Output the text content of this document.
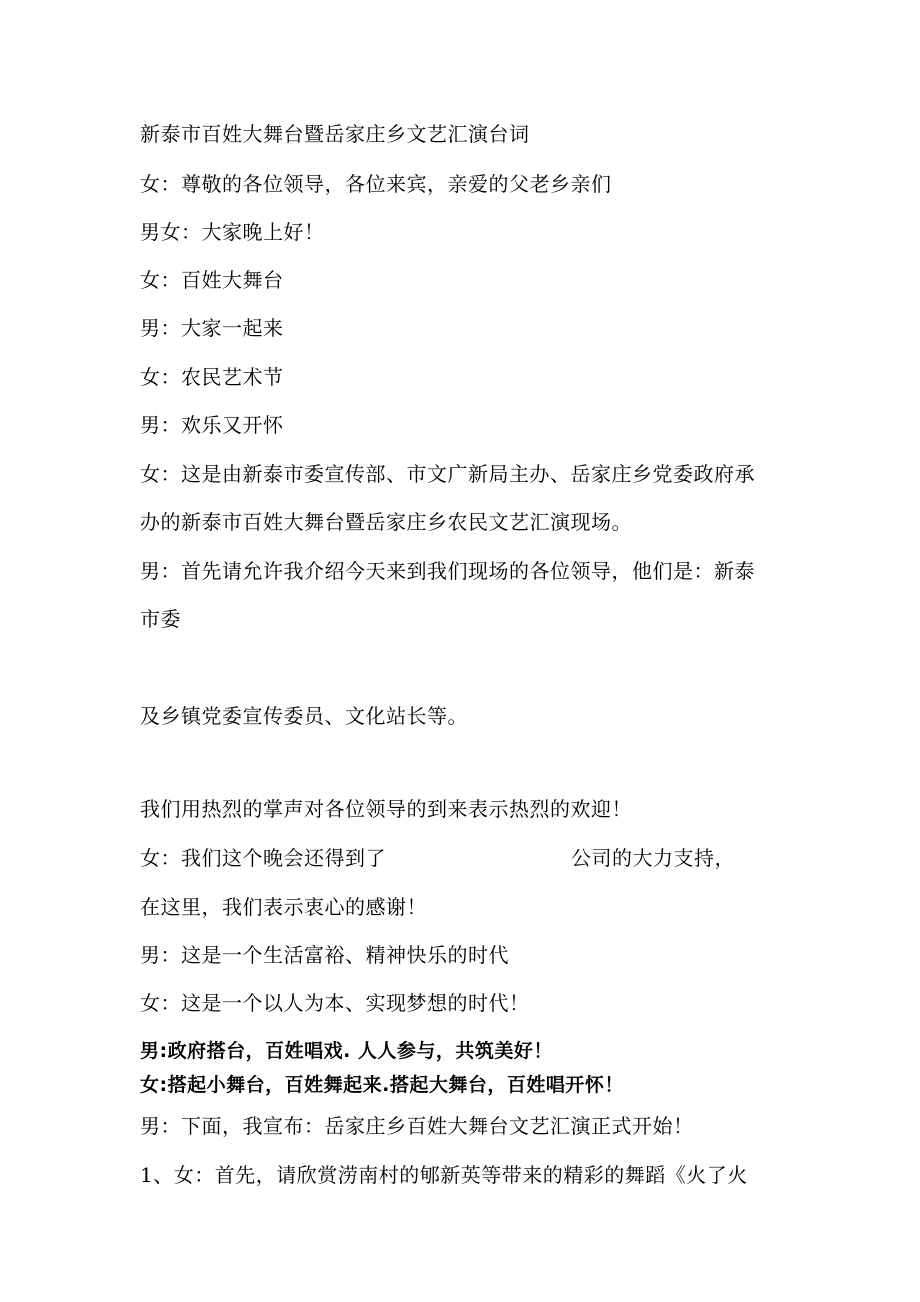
新泰市百姓大舞台暨岳家庄乡文艺汇演台词
女：尊敬的各位领导，各位来宾，亲爱的父老乡亲们
男女：大家晚上好！
女：百姓大舞台
男：大家一起来
女：农民艺术节
男：欢乐又开怀
女：这是由新泰市委宣传部、市文广新局主办、岳家庄乡党委政府承
办的新泰市百姓大舞台暨岳家庄乡农民文艺汇演现场。
男：首先请允许我介绍今天来到我们现场的各位领导，他们是：新泰
市委
及乡镇党委宣传委员、文化站长等。
我们用热烈的掌声对各位领导的到来表示热烈的欢迎！
女：我们这个晚会还得到了	公司的大力支持，
在这里，我们表示衷心的感谢！
男：这是一个生活富裕、精神快乐的时代
女：这是一个以人为本、实现梦想的时代！
男:政府搭台，百姓唱戏. 人人参与，共筑美好！
女:搭起小舞台，百姓舞起来.搭起大舞台，百姓唱开怀！
男：下面，我宣布：岳家庄乡百姓大舞台文艺汇演正式开始！
1、女：首先，请欣赏涝南村的郇新英等带来的精彩的舞蹈《火了火
